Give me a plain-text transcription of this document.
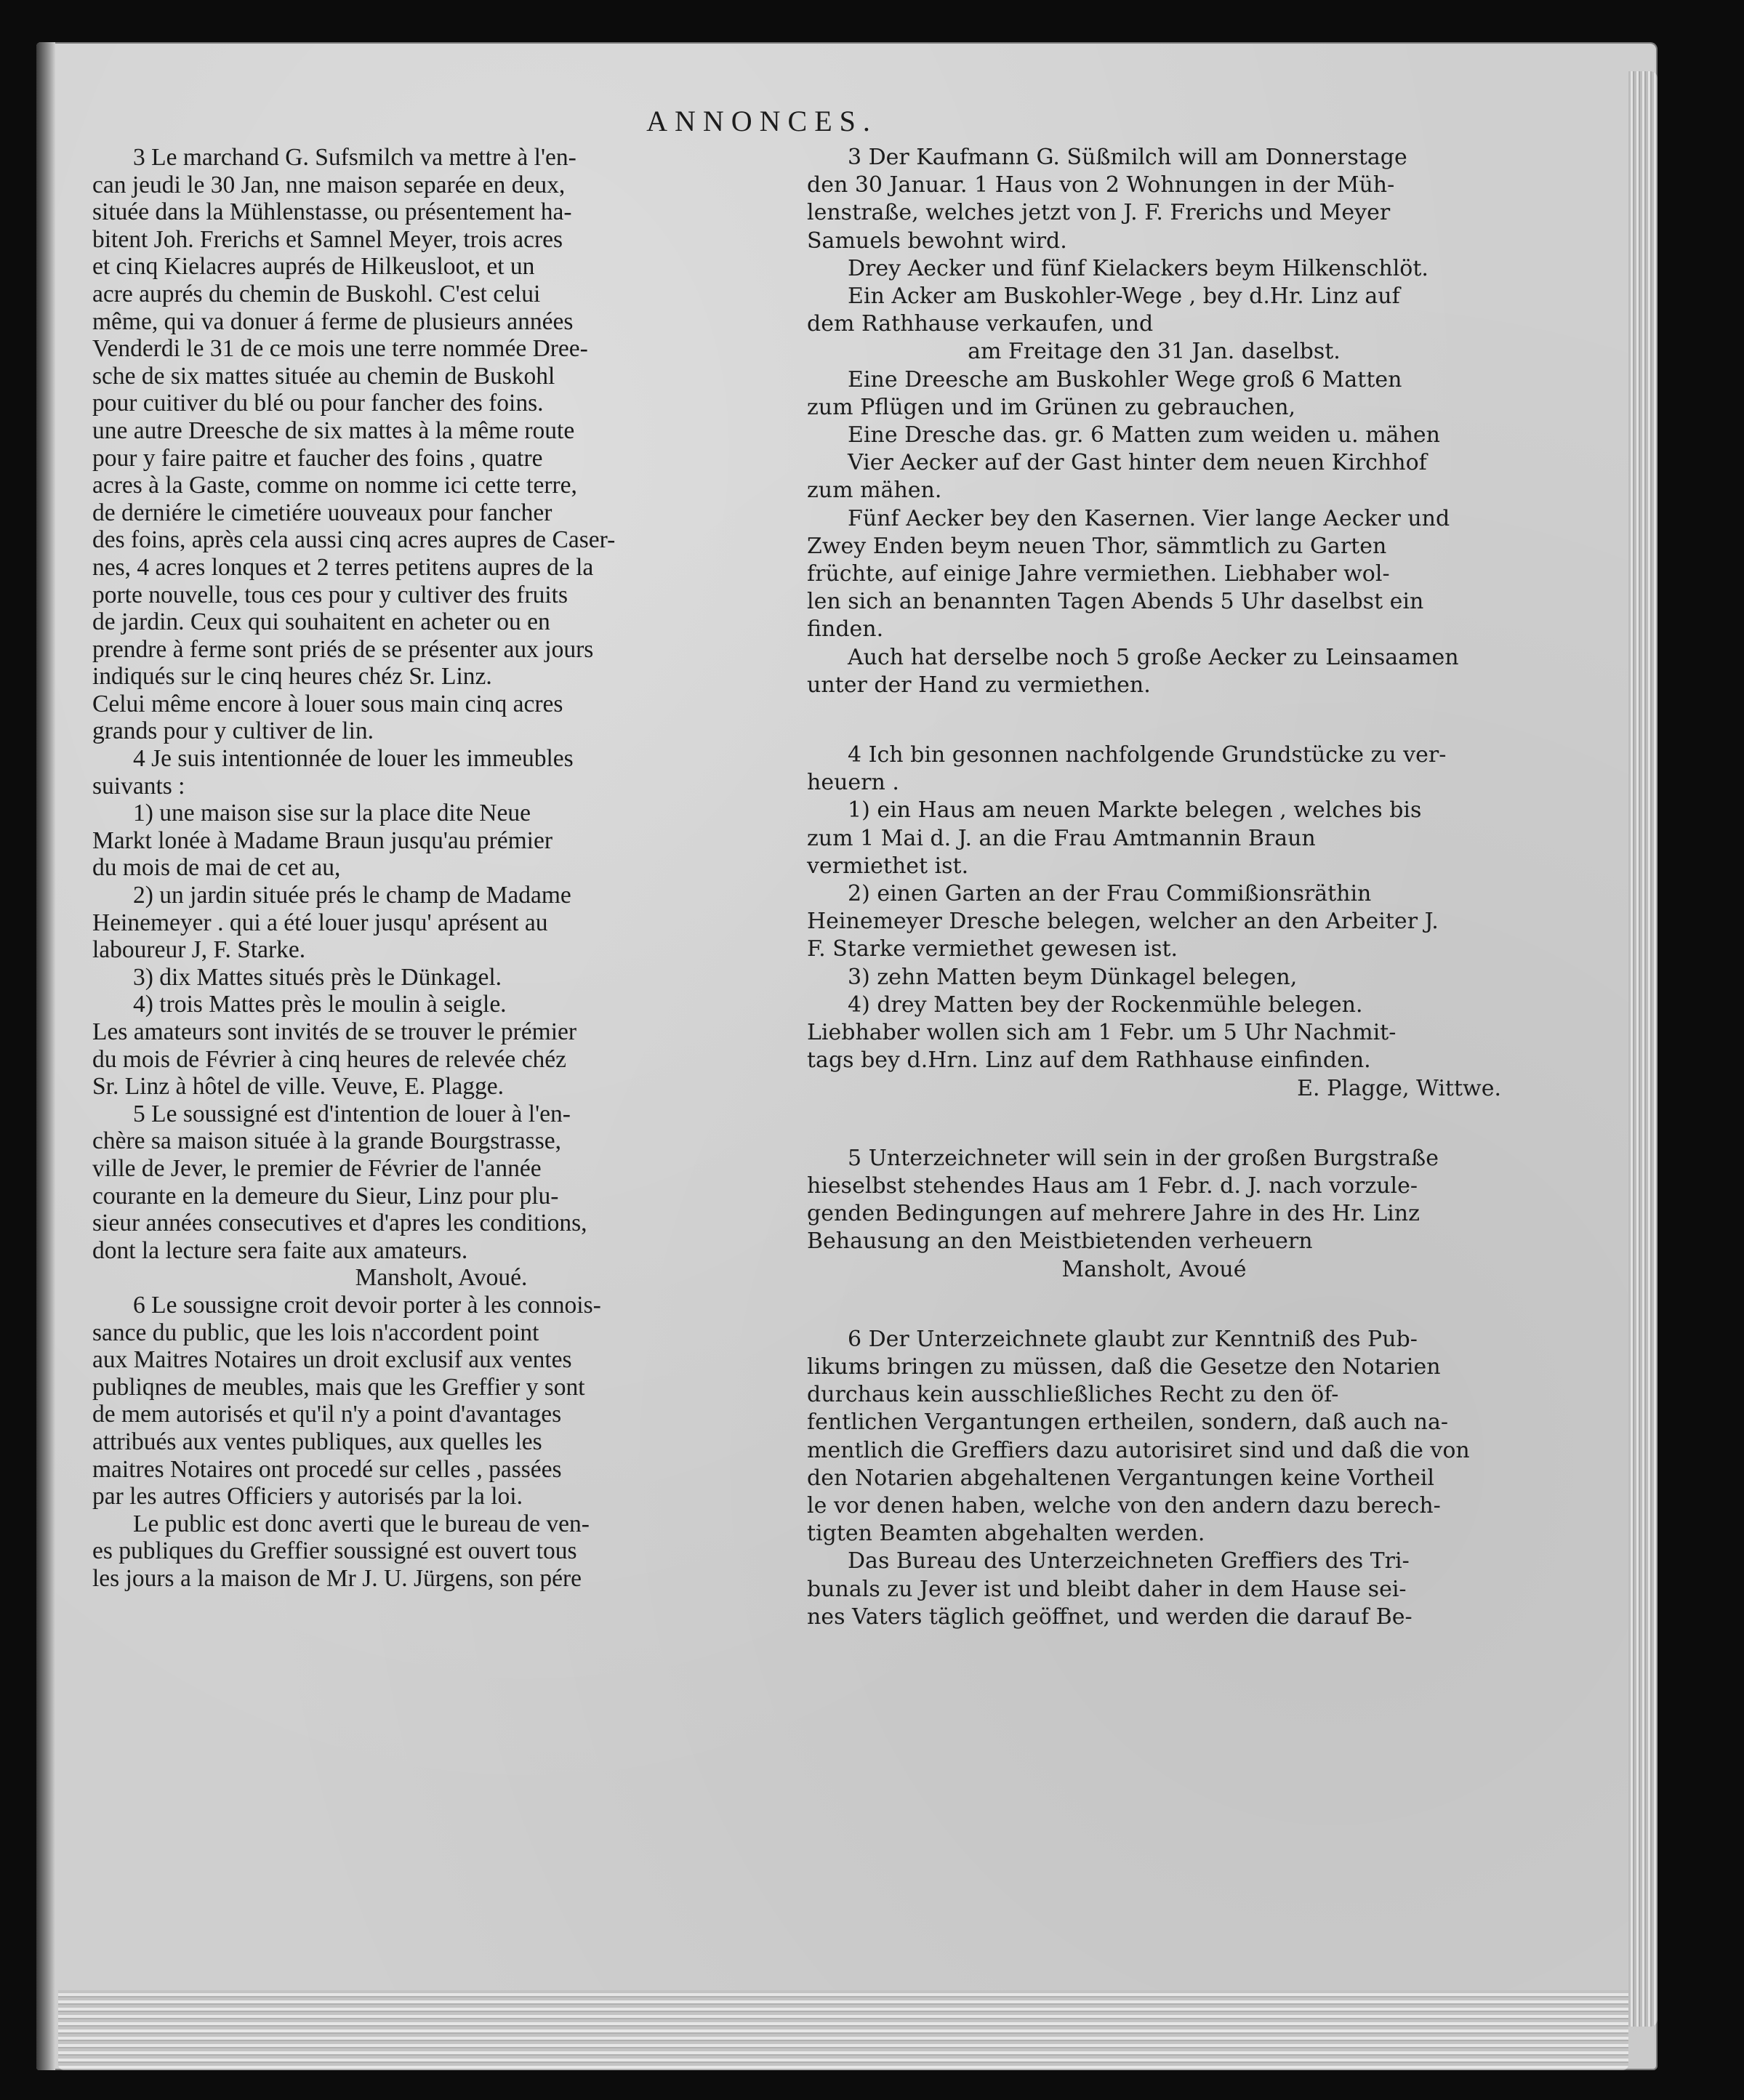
ANNONCES.

3 Le marchand G. Sufsmilch va mettre à l'en-

can jeudi le 30 Jan, nne maison separée en deux,

située dans la Mühlenstasse, ou présentement ha-

bitent Joh. Frerichs et Samnel Meyer, trois acres

et cinq Kielacres auprés de Hilkeusloot, et un

acre auprés du chemin de Buskohl. C'est celui

même, qui va donuer á ferme de plusieurs années

Venderdi le 31 de ce mois une terre nommée Dree-

sche de six mattes située au chemin de Buskohl

pour cuitiver du blé ou pour fancher des foins.

une autre Dreesche de six mattes à la même route

pour y faire paitre et faucher des foins , quatre

acres à la Gaste, comme on nomme ici cette terre,

de derniére le cimetiére uouveaux pour fancher

des foins, après cela aussi cinq acres aupres de Caser-

nes, 4 acres lonques et 2 terres petitens aupres de la

porte nouvelle, tous ces pour y cultiver des fruits

de jardin. Ceux qui souhaitent en acheter ou en

prendre à ferme sont priés de se présenter aux jours

indiqués sur le cinq heures chéz Sr. Linz.

Celui même encore à louer sous main cinq acres

grands pour y cultiver de lin.

4 Je suis intentionnée de louer les immeubles

suivants :

1) une maison sise sur la place dite Neue

Markt lonée à Madame Braun jusqu'au prémier

du mois de mai de cet au,

2) un jardin située prés le champ de Madame

Heinemeyer . qui a été louer jusqu' aprésent au

laboureur J, F. Starke.

3) dix Mattes situés près le Dünkagel.

4) trois Mattes près le moulin à seigle.

Les amateurs sont invités de se trouver le prémier

du mois de Février à cinq heures de relevée chéz

Sr. Linz à hôtel de ville. Veuve, E. Plagge.

5 Le soussigné est d'intention de louer à l'en-

chère sa maison située à la grande Bourgstrasse,

ville de Jever, le premier de Février de l'année

courante en la demeure du Sieur, Linz pour plu-

sieur années consecutives et d'apres les conditions,

dont la lecture sera faite aux amateurs.

Mansholt, Avoué.

6 Le soussigne croit devoir porter à les connois-

sance du public, que les lois n'accordent point

aux Maitres Notaires un droit exclusif aux ventes

publiqnes de meubles, mais que les Greffier y sont

de mem autorisés et qu'il n'y a point d'avantages

attribués aux ventes publiques, aux quelles les

maitres Notaires ont procedé sur celles , passées

par les autres Officiers y autorisés par la loi.

Le public est donc averti que le bureau de ven-

es publiques du Greffier soussigné est ouvert tous

les jours a la maison de Mr J. U. Jürgens, son pére

3 Der Kaufmann G. Süßmilch will am Donnerstage

den 30 Januar. 1 Haus von 2 Wohnungen in der Müh-

lenstraße, welches jetzt von J. F. Frerichs und Meyer

Samuels bewohnt wird.

Drey Aecker und fünf Kielackers beym Hilkenschlöt.

Ein Acker am Buskohler-Wege , bey d.Hr. Linz auf

dem Rathhause verkaufen, und

am Freitage den 31 Jan. daselbst.

Eine Dreesche am Buskohler Wege groß 6 Matten

zum Pflügen und im Grünen zu gebrauchen,

Eine Dresche das. gr. 6 Matten zum weiden u. mähen

Vier Aecker auf der Gast hinter dem neuen Kirchhof

zum mähen.

Fünf Aecker bey den Kasernen. Vier lange Aecker und

Zwey Enden beym neuen Thor, sämmtlich zu Garten

früchte, auf einige Jahre vermiethen. Liebhaber wol-

len sich an benannten Tagen Abends 5 Uhr daselbst ein

finden.

Auch hat derselbe noch 5 große Aecker zu Leinsaamen

unter der Hand zu vermiethen.

4 Ich bin gesonnen nachfolgende Grundstücke zu ver-

heuern .

1) ein Haus am neuen Markte belegen , welches bis

zum 1 Mai d. J. an die Frau Amtmannin Braun

vermiethet ist.

2) einen Garten an der Frau Commißionsräthin

Heinemeyer Dresche belegen, welcher an den Arbeiter J.

F. Starke vermiethet gewesen ist.

3) zehn Matten beym Dünkagel belegen,

4) drey Matten bey der Rockenmühle belegen.

Liebhaber wollen sich am 1 Febr. um 5 Uhr Nachmit-

tags bey d.Hrn. Linz auf dem Rathhause einfinden.

E. Plagge, Wittwe.

5 Unterzeichneter will sein in der großen Burgstraße

hieselbst stehendes Haus am 1 Febr. d. J. nach vorzule-

genden Bedingungen auf mehrere Jahre in des Hr. Linz

Behausung an den Meistbietenden verheuern

Mansholt, Avoué

6 Der Unterzeichnete glaubt zur Kenntniß des Pub-

likums bringen zu müssen, daß die Gesetze den Notarien

durchaus kein ausschließliches Recht zu den öf-

fentlichen Vergantungen ertheilen, sondern, daß auch na-

mentlich die Greffiers dazu autorisiret sind und daß die von

den Notarien abgehaltenen Vergantungen keine Vortheil

le vor denen haben, welche von den andern dazu berech-

tigten Beamten abgehalten werden.

Das Bureau des Unterzeichneten Greffiers des Tri-

bunals zu Jever ist und bleibt daher in dem Hause sei-

nes Vaters täglich geöffnet, und werden die darauf Be-
